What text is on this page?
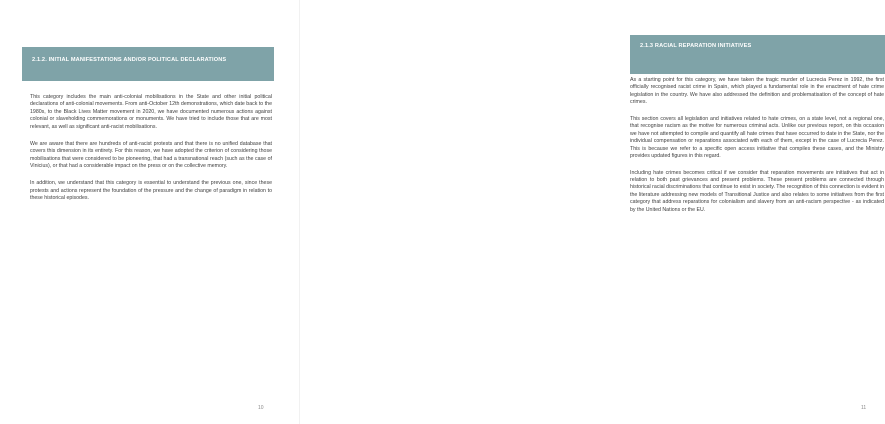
2.1.2. INITIAL MANIFESTATIONS AND/OR POLITICAL DECLARATIONS

This category includes the main anti-colonial mobilisations in the State and other initial political declarations of anti-colonial movements. From anti-October 12th demonstrations, which date back to the 1980s, to the Black Lives Matter movement in 2020, we have documented numerous actions against colonial or slaveholding commemorations or monuments. We have tried to include those that are most relevant, as well as significant anti-racist mobilisations.

We are aware that there are hundreds of anti-racist protests and that there is no unified database that covers this dimension in its entirety. For this reason, we have adopted the criterion of considering those mobilisations that were considered to be pioneering, that had a transnational reach (such as the case of Vinicius), or that had a considerable impact on the press or on the collective memory.

In addition, we understand that this category is essential to understand the previous one, since these protests and actions represent the foundation of the pressure and the change of paradigm in relation to these historical episodes.

10
2.1.3 RACIAL REPARATION INITIATIVES

As a starting point for this category, we have taken the tragic murder of Lucrecia Perez in 1992, the first officially recognised racist crime in Spain, which played a fundamental role in the enactment of hate crime legislation in the country. We have also addressed the definition and problematisation of the concept of hate crimes.

This section covers all legislation and initiatives related to hate crimes, on a state level, not a regional one, that recognise racism as the motive for numerous criminal acts. Unlike our previous report, on this occasion we have not attempted to compile and quantify all hate crimes that have occurred to date in the State, nor the individual compensation or reparations associated with each of them, except in the case of Lucrecia Perez. This is because we refer to a specific open access initiative that compiles these cases, and the Ministry provides updated figures in this regard.

Including hate crimes becomes critical if we consider that reparation movements are initiatives that act in relation to both past grievances and present problems. These present problems are connected through historical racial discriminations that continue to exist in society. The recognition of this connection is evident in the literature addressing new models of Transitional Justice and also relates to some initiatives from the first category that address reparations for colonialism and slavery from an anti-racism perspective - as indicated by the United Nations or the EU.

11
